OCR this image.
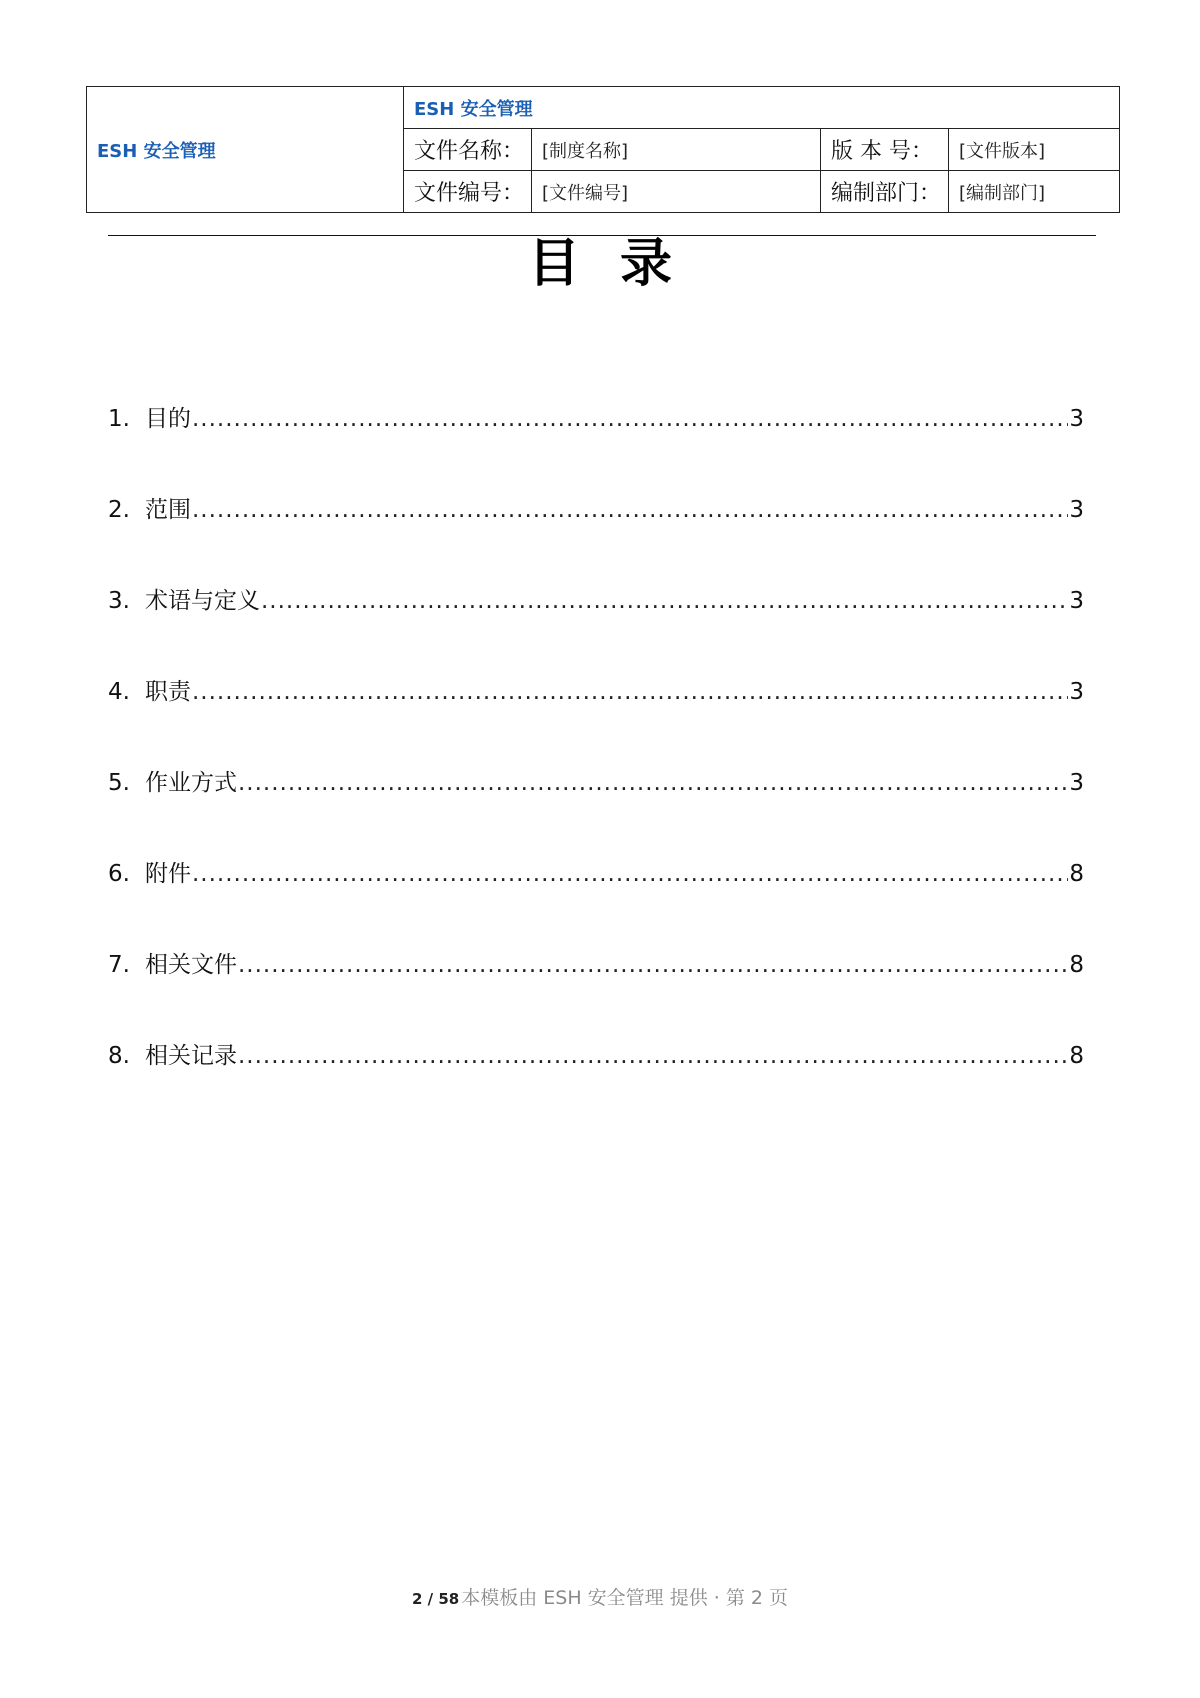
ESH 安全管理	ESH 安全管理			
	文件名称：	[制度名称]	版 本 号：	[文件版本]
	文件编号：	[文件编号]	编制部门：	[编制部门]
目录
1. 目的 .....	3
2. 范围 .....	3
3. 术语与定义 .....	3
4. 职责 .....	3
5. 作业方式 .....	3
6. 附件 .....	8
7. 相关文件 .....	8
8. 相关记录 .....	8
2 / 58 本模板由 ESH 安全管理 提供 · 第 2 页
